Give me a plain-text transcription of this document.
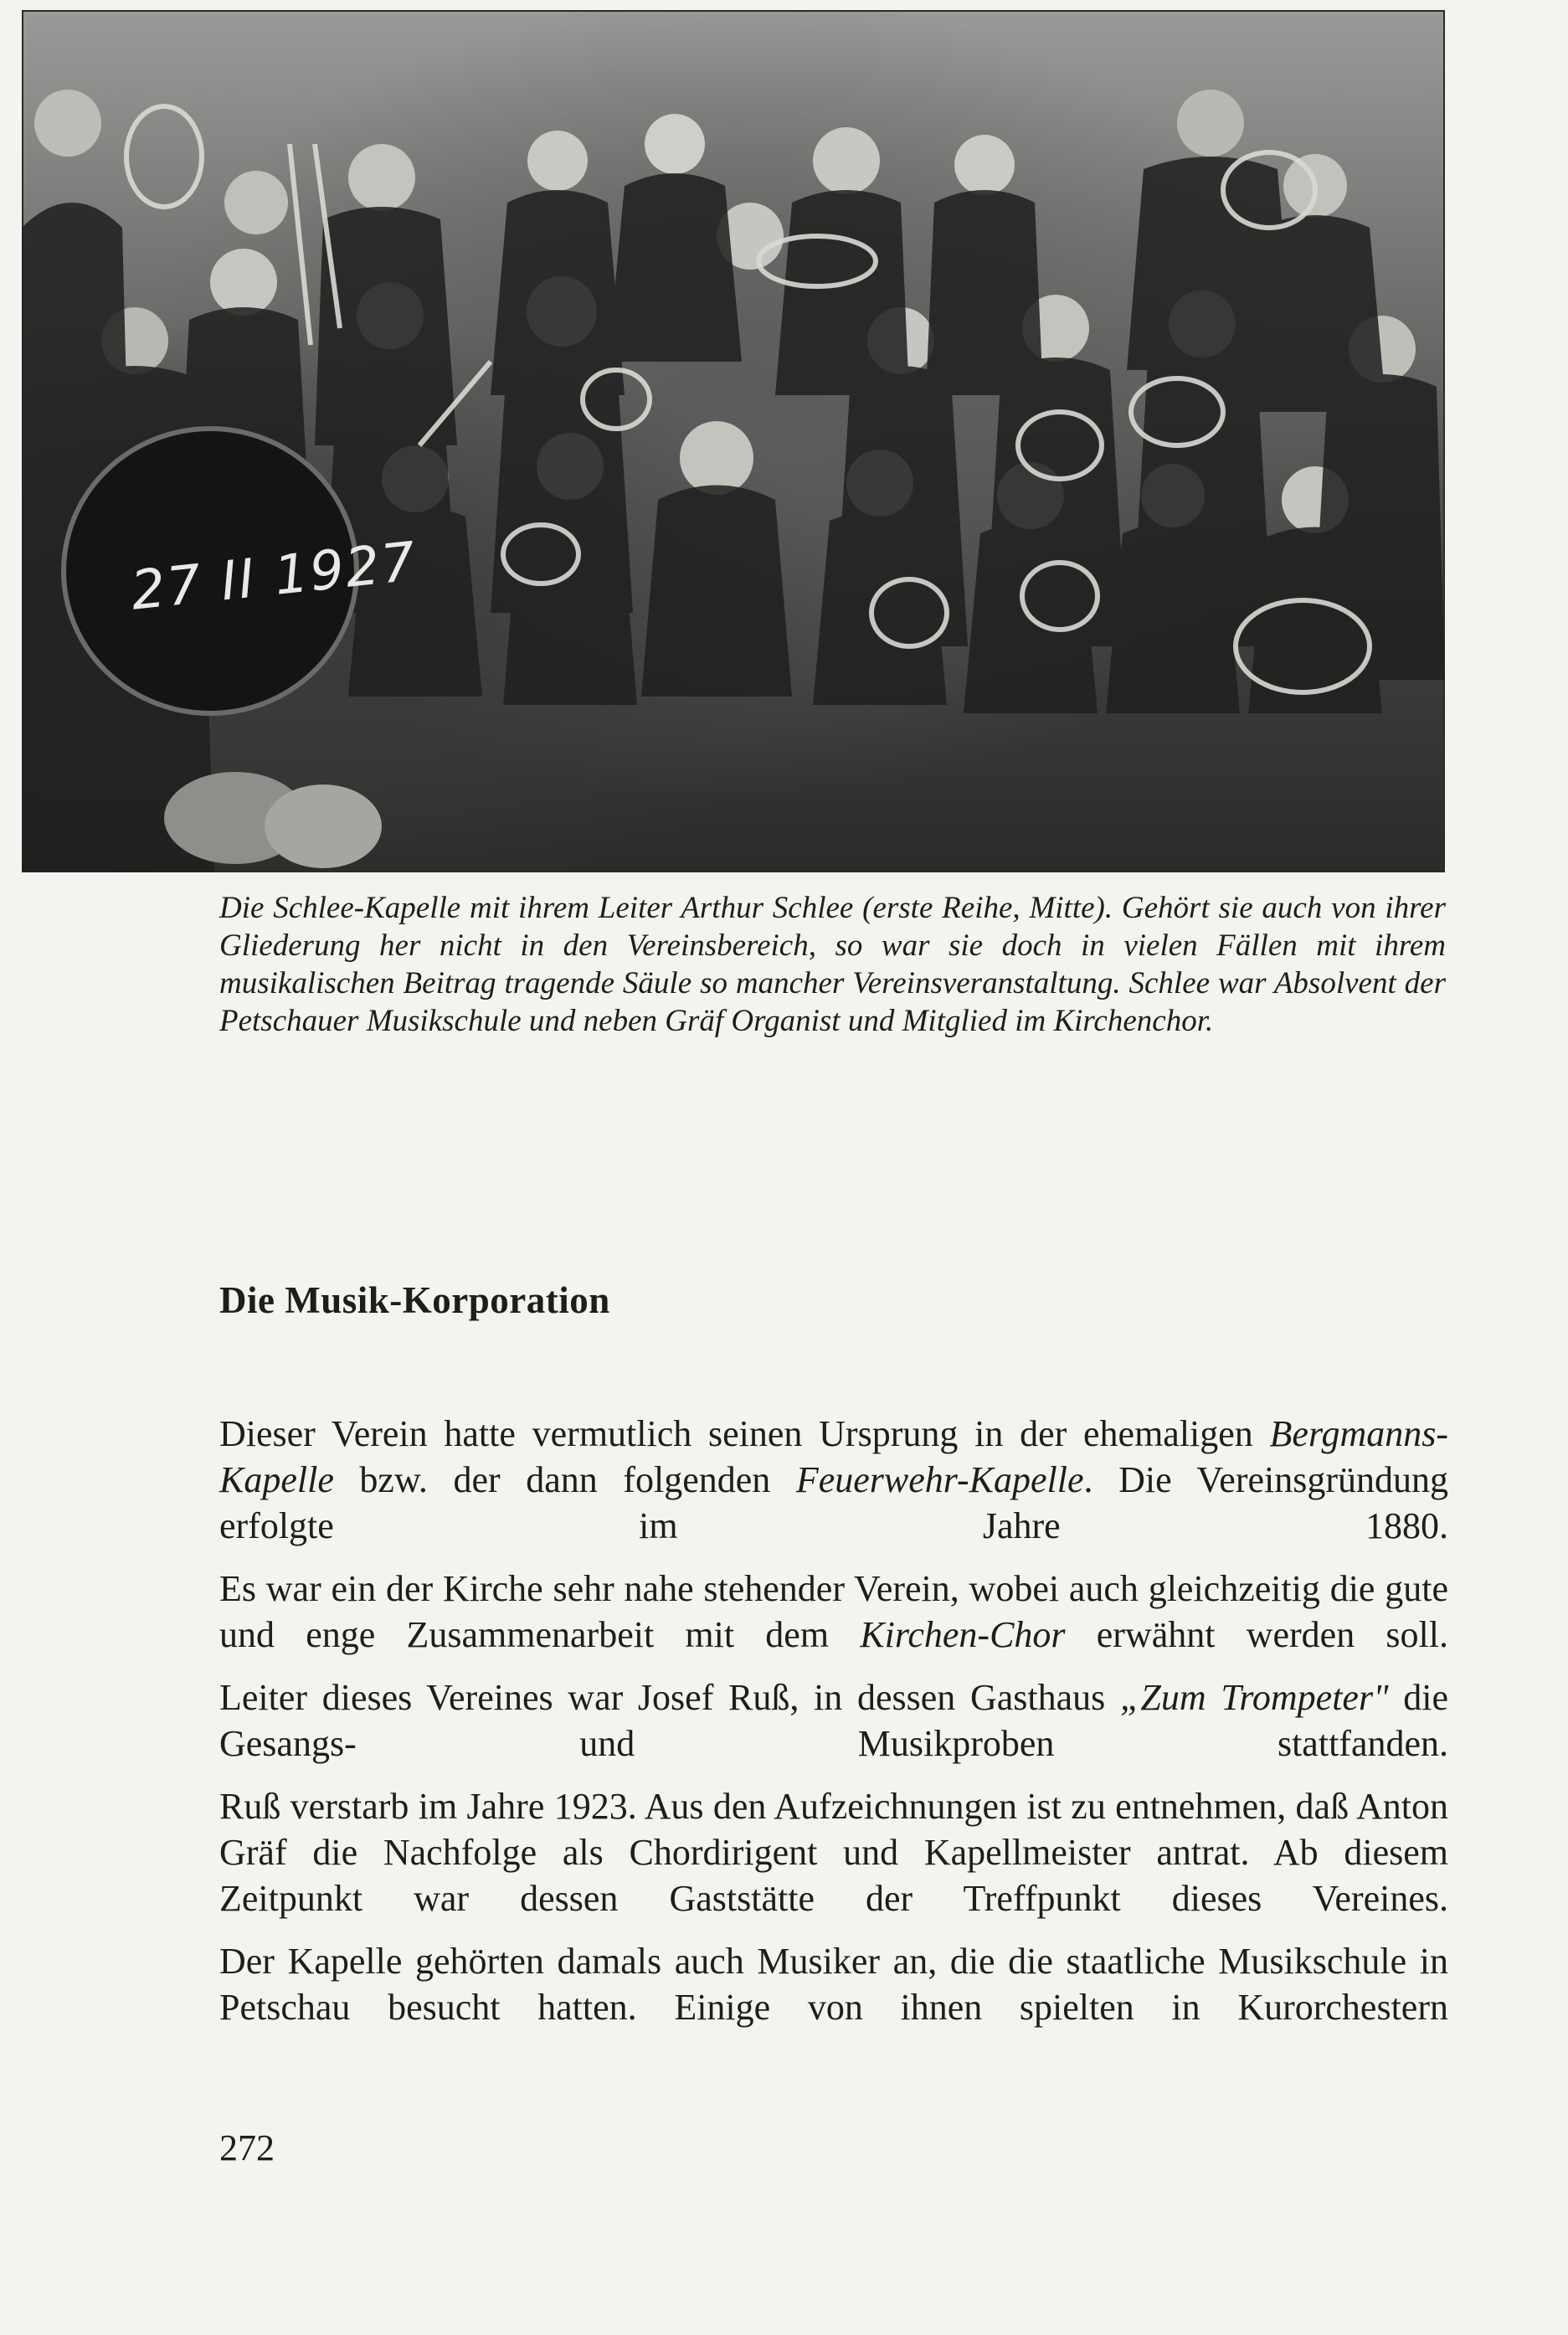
27 II 1927
Die Schlee-Kapelle mit ihrem Leiter Arthur Schlee (erste Reihe, Mitte). Gehört sie auch von ihrer Gliederung her nicht in den Vereinsbereich, so war sie doch in vielen Fällen mit ihrem musikalischen Beitrag tragende Säule so mancher Vereinsveranstaltung. Schlee war Absolvent der Petschauer Musikschule und neben Gräf Organist und Mitglied im Kirchenchor.
Die Musik-Korporation

Dieser Verein hatte vermutlich seinen Ursprung in der ehemaligen Bergmanns-Kapelle bzw. der dann folgenden Feuerwehr-Kapelle. Die Vereinsgründung erfolgte im Jahre 1880.

Es war ein der Kirche sehr nahe stehender Verein, wobei auch gleichzeitig die gute und enge Zusammenarbeit mit dem Kirchen-Chor erwähnt werden soll.

Leiter dieses Vereines war Josef Ruß, in dessen Gasthaus „Zum Trompeter" die Gesangs- und Musikproben stattfanden.

Ruß verstarb im Jahre 1923. Aus den Aufzeichnungen ist zu entnehmen, daß Anton Gräf die Nachfolge als Chordirigent und Kapellmeister antrat. Ab diesem Zeitpunkt war dessen Gaststätte der Treffpunkt dieses Vereines.

Der Kapelle gehörten damals auch Musiker an, die die staatliche Musikschule in Petschau besucht hatten. Einige von ihnen spielten in Kurorchestern

272
